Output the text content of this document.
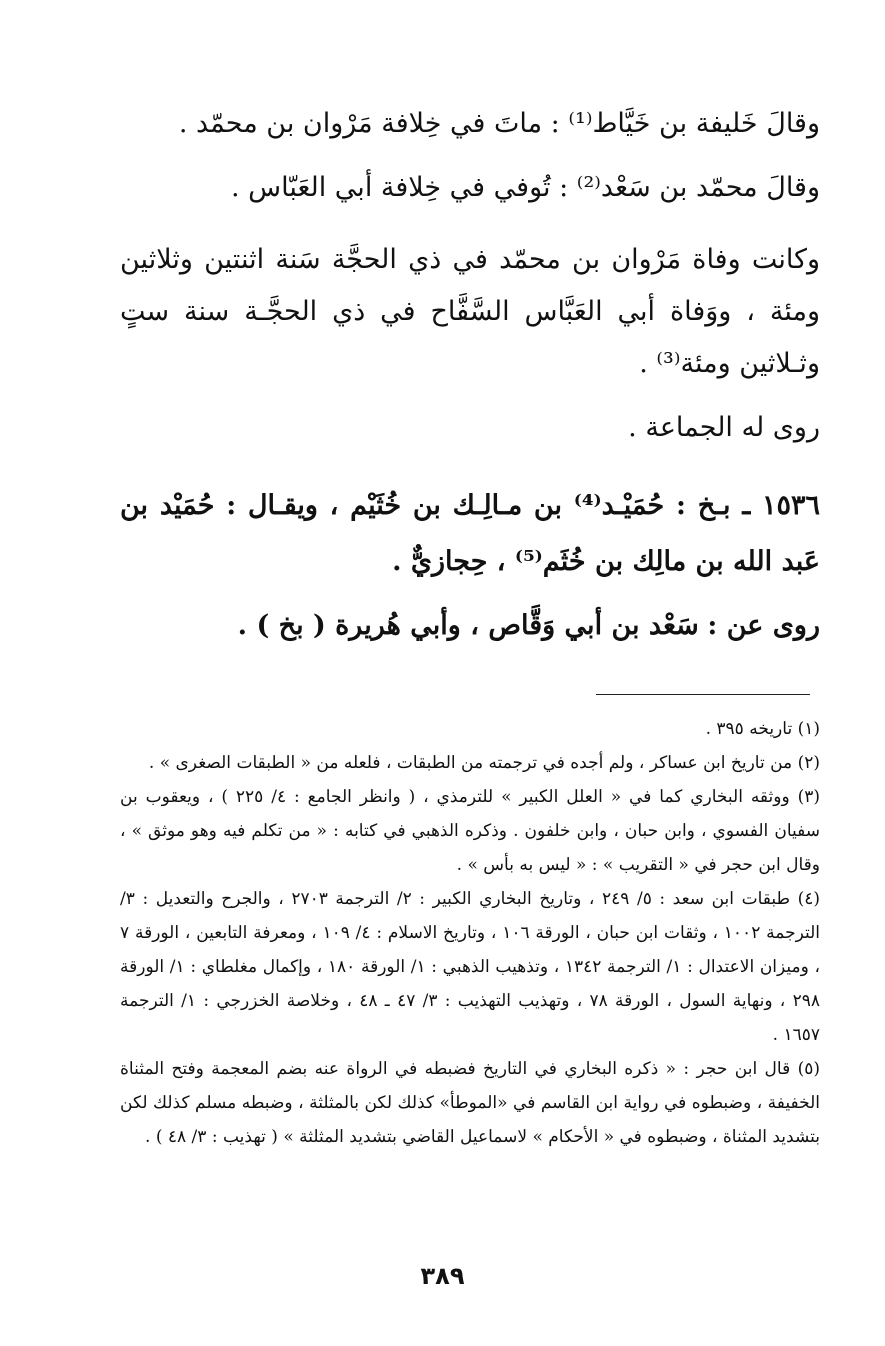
وقالَ خَليفة بن خَيَّاط⁽¹⁾ : ماتَ في خِلافة مَرْوان بن محمّد .

وقالَ محمّد بن سَعْد⁽²⁾ : تُوفي في خِلافة أبي العَبّاس .

وكانت وفاة مَرْوان بن محمّد في ذي الحجَّة سَنة اثنتين وثلاثين ومئة ، ووَفاة أبي العَبَّاس السَّفَّاح في ذي الحجَّـة سنة ستٍ وثـلاثين ومئة⁽³⁾ .

روى له الجماعة .

١٥٣٦ ـ بـخ : حُمَيْـد⁽⁴⁾ بن مـالِـك بن خُثَيْم ، ويقـال : حُمَيْد بن عَبد الله بن مالِك بن خُثَم⁽⁵⁾ ، حِجازيٌّ .

روى عن : سَعْد بن أبي وَقَّاص ، وأبي هُريرة ( بخ ) .

(١) تاريخه ٣٩٥ .

(٢) من تاريخ ابن عساكر ، ولم أجده في ترجمته من الطبقات ، فلعله من « الطبقات الصغرى » .

(٣) ووثقه البخاري كما في « العلل الكبير » للترمذي ، ( وانظر الجامع : ٤/ ٢٢٥ ) ، ويعقوب بن سفيان الفسوي ، وابن حبان ، وابن خلفون . وذكره الذهبي في كتابه : « من تكلم فيه وهو موثق » ، وقال ابن حجر في « التقريب » : « ليس به بأس » .

(٤) طبقات ابن سعد : ٥/ ٢٤٩ ، وتاريخ البخاري الكبير : ٢/ الترجمة ٢٧٠٣ ، والجرح والتعديل : ٣/ الترجمة ١٠٠٢ ، وثقات ابن حبان ، الورقة ١٠٦ ، وتاريخ الاسلام : ٤/ ١٠٩ ، ومعرفة التابعين ، الورقة ٧ ، وميزان الاعتدال : ١/ الترجمة ١٣٤٢ ، وتذهيب الذهبي : ١/ الورقة ١٨٠ ، وإكمال مغلطاي : ١/ الورقة ٢٩٨ ، ونهاية السول ، الورقة ٧٨ ، وتهذيب التهذيب : ٣/ ٤٧ ـ ٤٨ ، وخلاصة الخزرجي : ١/ الترجمة ١٦٥٧ .

(٥) قال ابن حجر : « ذكره البخاري في التاريخ فضبطه في الرواة عنه بضم المعجمة وفتح المثناة الخفيفة ، وضبطوه في رواية ابن القاسم في «الموطأ» كذلك لكن بالمثلثة ، وضبطه مسلم كذلك لكن بتشديد المثناة ، وضبطوه في « الأحكام » لاسماعيل القاضي بتشديد المثلثة » ( تهذيب : ٣/ ٤٨ ) .

٣٨٩
